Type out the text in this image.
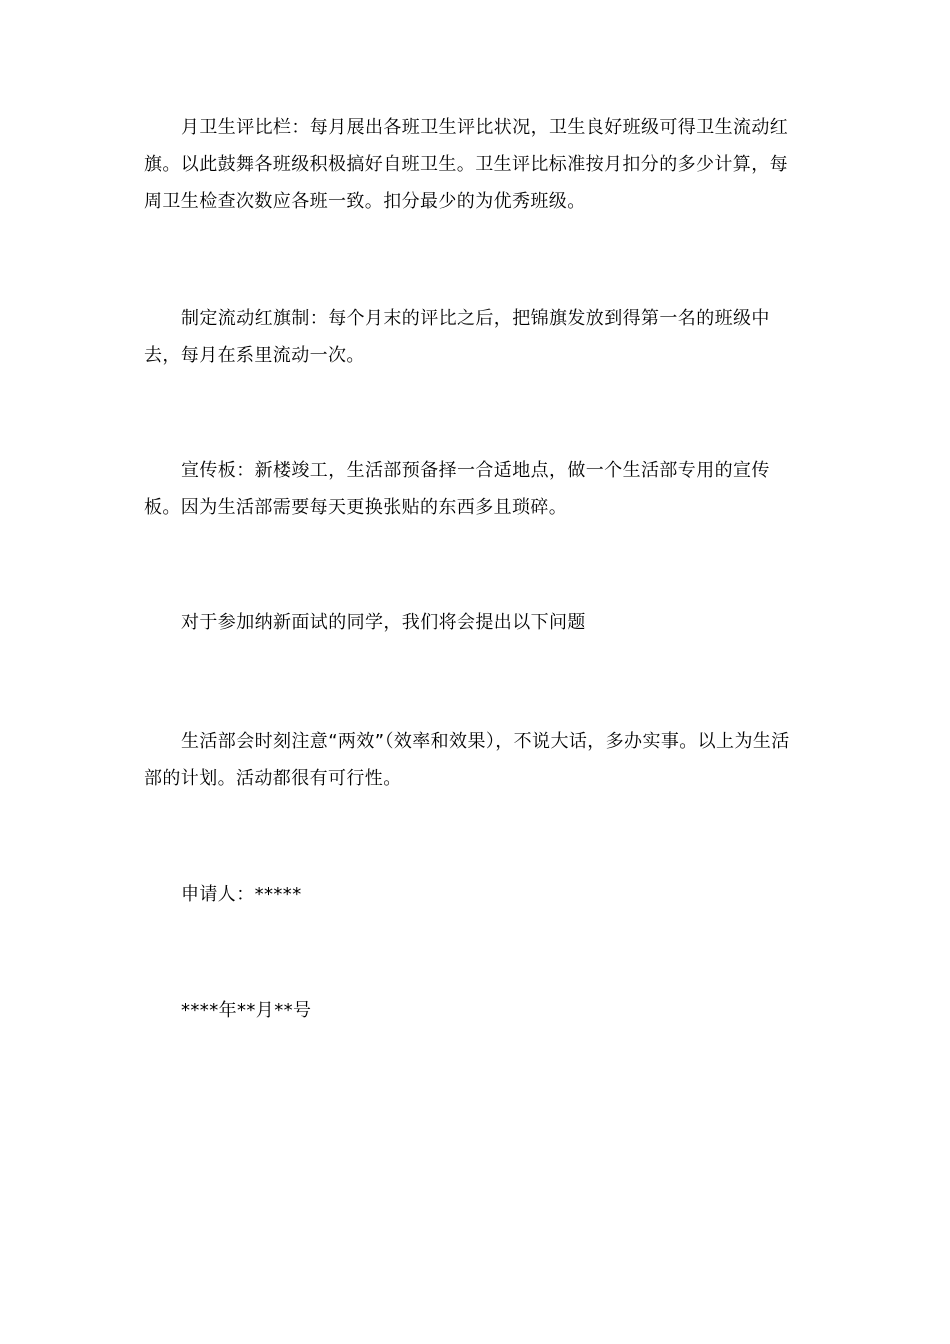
月卫生评比栏：每月展出各班卫生评比状况，卫生良好班级可得卫生流动红旗。以此鼓舞各班级积极搞好自班卫生。卫生评比标准按月扣分的多少计算，每周卫生检查次数应各班一致。扣分最少的为优秀班级。

制定流动红旗制：每个月末的评比之后，把锦旗发放到得第一名的班级中去，每月在系里流动一次。

宣传板：新楼竣工，生活部预备择一合适地点，做一个生活部专用的宣传板。因为生活部需要每天更换张贴的东西多且琐碎。

对于参加纳新面试的同学，我们将会提出以下问题

生活部会时刻注意“两效”（效率和效果），不说大话，多办实事。以上为生活部的计划。活动都很有可行性。

申请人：*****

****年**月**号
